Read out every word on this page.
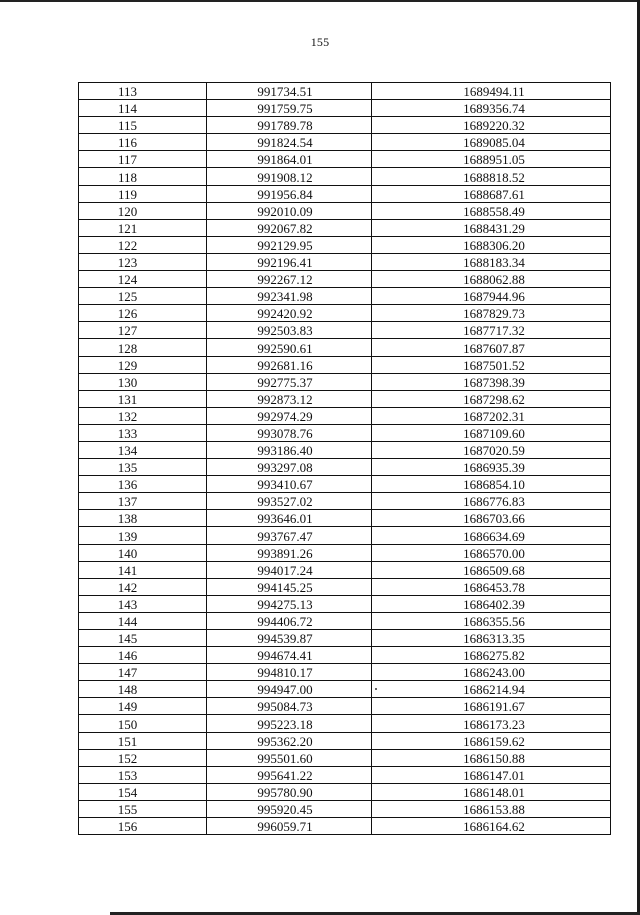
155
113	991734.51	1689494.11
114	991759.75	1689356.74
115	991789.78	1689220.32
116	991824.54	1689085.04
117	991864.01	1688951.05
118	991908.12	1688818.52
119	991956.84	1688687.61
120	992010.09	1688558.49
121	992067.82	1688431.29
122	992129.95	1688306.20
123	992196.41	1688183.34
124	992267.12	1688062.88
125	992341.98	1687944.96
126	992420.92	1687829.73
127	992503.83	1687717.32
128	992590.61	1687607.87
129	992681.16	1687501.52
130	992775.37	1687398.39
131	992873.12	1687298.62
132	992974.29	1687202.31
133	993078.76	1687109.60
134	993186.40	1687020.59
135	993297.08	1686935.39
136	993410.67	1686854.10
137	993527.02	1686776.83
138	993646.01	1686703.66
139	993767.47	1686634.69
140	993891.26	1686570.00
141	994017.24	1686509.68
142	994145.25	1686453.78
143	994275.13	1686402.39
144	994406.72	1686355.56
145	994539.87	1686313.35
146	994674.41	1686275.82
147	994810.17	1686243.00
148	994947.00	1686214.94
149	995084.73	1686191.67
150	995223.18	1686173.23
151	995362.20	1686159.62
152	995501.60	1686150.88
153	995641.22	1686147.01
154	995780.90	1686148.01
155	995920.45	1686153.88
156	996059.71	1686164.62
